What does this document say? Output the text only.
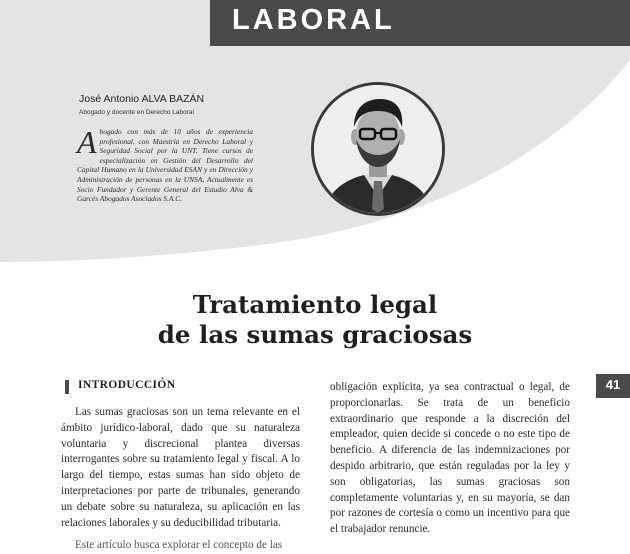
LABORAL
José Antonio ALVA BAZÁN
Abogado y docente en Derecho Laboral

Abogado con más de 10 años de experiencia profesional, con Maestría en Derecho Laboral y Seguridad Social por la UNT. Tiene cursos de especialización en Gestión del Desarrollo del Capital Humano en la Universidad ESAN y en Dirección y Administración de personas en la UNSA, Actualmente es Socio Fundador y Gerente General del Estudio Alva & Garcés Abogados Asociados S.A.C.

Tratamiento legal
de las sumas graciosas
INTRODUCCIÓN

Las sumas graciosas son un tema relevante en el ámbito jurídico-laboral, dado que su naturaleza voluntaria y discrecional plantea diversas interrogantes sobre su tratamiento legal y fiscal. A lo largo del tiempo, estas sumas han sido objeto de interpretaciones por parte de tribunales, generando un debate sobre su naturaleza, su aplicación en las relaciones laborales y su deducibilidad tributaria.

Este artículo busca explorar el concepto de las

obligación explícita, ya sea contractual o legal, de proporcionarlas. Se trata de un beneficio extraordinario que responde a la discreción del empleador, quien decide si concede o no este tipo de beneficio. A diferencia de las indemnizaciones por despido arbitrario, que están reguladas por la ley y son obligatorias, las sumas graciosas son completamente voluntarias y, en su mayoría, se dan por razones de cortesía o como un incentivo para que el trabajador renuncie.

41
